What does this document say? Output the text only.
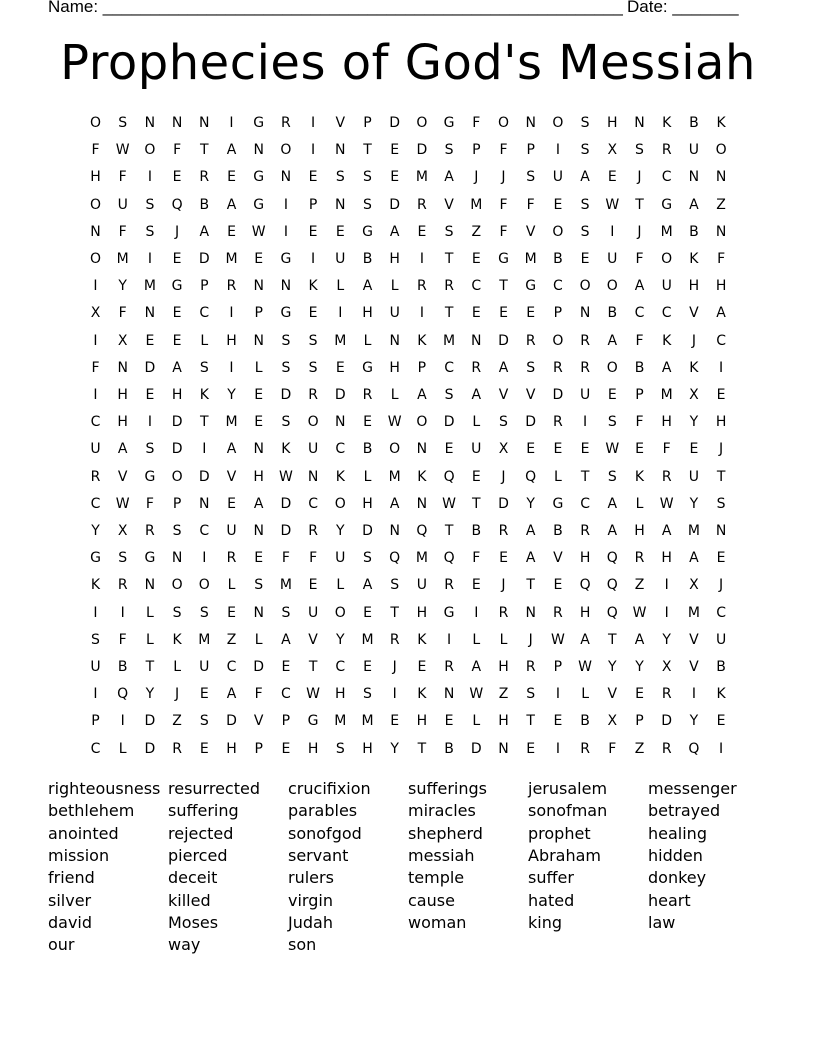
Name: _______________________________________________________ Date: _______
Prophecies of God's Messiah
O	S	N	N	N	I	G	R	I	V	P	D	O	G	F	O	N	O	S	H	N	K	B	K
F	W	O	F	T	A	N	O	I	N	T	E	D	S	P	F	P	I	S	X	S	R	U	O
H	F	I	E	R	E	G	N	E	S	S	E	M	A	J	J	S	U	A	E	J	C	N	N
O	U	S	Q	B	A	G	I	P	N	S	D	R	V	M	F	F	E	S	W	T	G	A	Z
N	F	S	J	A	E	W	I	E	E	G	A	E	S	Z	F	V	O	S	I	J	M	B	N
O	M	I	E	D	M	E	G	I	U	B	H	I	T	E	G	M	B	E	U	F	O	K	F
I	Y	M	G	P	R	N	N	K	L	A	L	R	R	C	T	G	C	O	O	A	U	H	H
X	F	N	E	C	I	P	G	E	I	H	U	I	T	E	E	E	P	N	B	C	C	V	A
I	X	E	E	L	H	N	S	S	M	L	N	K	M	N	D	R	O	R	A	F	K	J	C
F	N	D	A	S	I	L	S	S	E	G	H	P	C	R	A	S	R	R	O	B	A	K	I
I	H	E	H	K	Y	E	D	R	D	R	L	A	S	A	V	V	D	U	E	P	M	X	E
C	H	I	D	T	M	E	S	O	N	E	W	O	D	L	S	D	R	I	S	F	H	Y	H
U	A	S	D	I	A	N	K	U	C	B	O	N	E	U	X	E	E	E	W	E	F	E	J
R	V	G	O	D	V	H	W	N	K	L	M	K	Q	E	J	Q	L	T	S	K	R	U	T
C	W	F	P	N	E	A	D	C	O	H	A	N	W	T	D	Y	G	C	A	L	W	Y	S
Y	X	R	S	C	U	N	D	R	Y	D	N	Q	T	B	R	A	B	R	A	H	A	M	N
G	S	G	N	I	R	E	F	F	U	S	Q	M	Q	F	E	A	V	H	Q	R	H	A	E
K	R	N	O	O	L	S	M	E	L	A	S	U	R	E	J	T	E	Q	Q	Z	I	X	J
I	I	L	S	S	E	N	S	U	O	E	T	H	G	I	R	N	R	H	Q	W	I	M	C
S	F	L	K	M	Z	L	A	V	Y	M	R	K	I	L	L	J	W	A	T	A	Y	V	U
U	B	T	L	U	C	D	E	T	C	E	J	E	R	A	H	R	P	W	Y	Y	X	V	B
I	Q	Y	J	E	A	F	C	W	H	S	I	K	N	W	Z	S	I	L	V	E	R	I	K
P	I	D	Z	S	D	V	P	G	M	M	E	H	E	L	H	T	E	B	X	P	D	Y	E
C	L	D	R	E	H	P	E	H	S	H	Y	T	B	D	N	E	I	R	F	Z	R	Q	I
righteousness
bethlehem
anointed
mission
friend
silver
david
our
resurrected
suffering
rejected
pierced
deceit
killed
Moses
way
crucifixion
parables
sonofgod
servant
rulers
virgin
Judah
son
sufferings
miracles
shepherd
messiah
temple
cause
woman
jerusalem
sonofman
prophet
Abraham
suffer
hated
king
messenger
betrayed
healing
hidden
donkey
heart
law
